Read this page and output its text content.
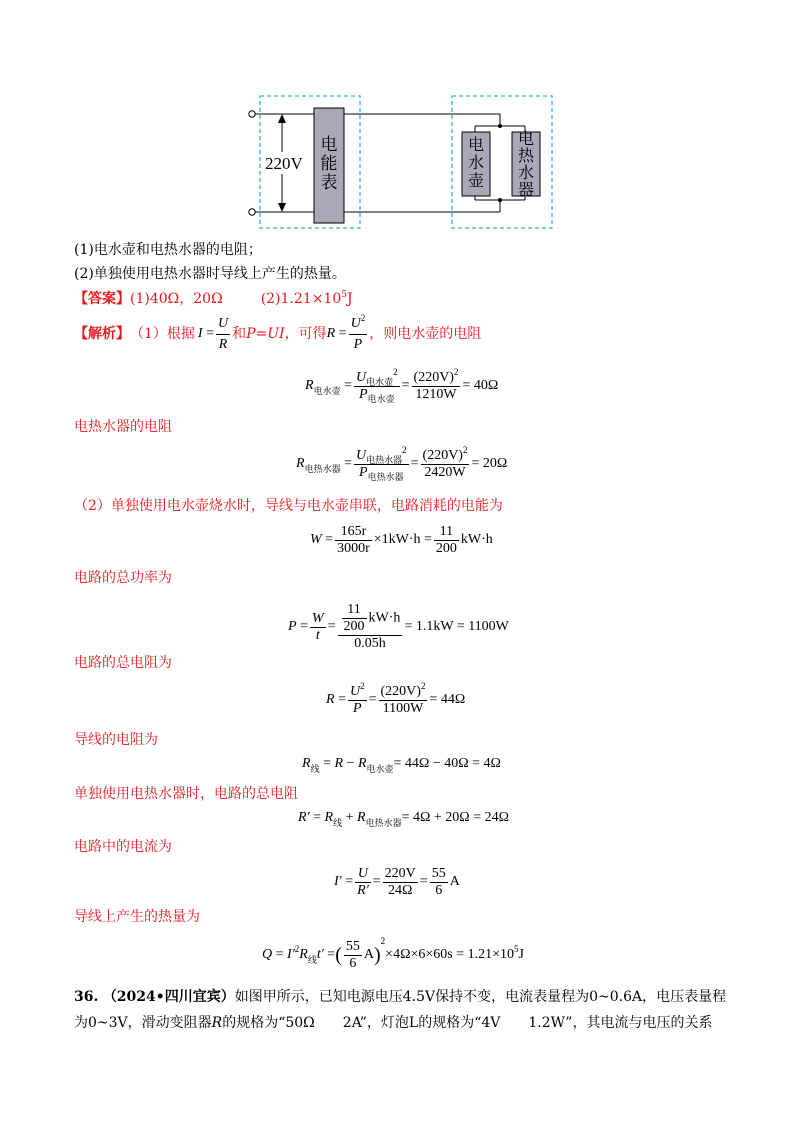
220V
电
能
表
电
水
壶
电
热
水
器
(1)电水壶和电热水器的电阻；
(2)单独使用电热水器时导线上产生的热量。
【答案】(1)40Ω，20Ω	$(2)1.21\times 10^5J$
【解析】 （1）根据 $I = \frac{U}{R}$ 和 P=UI ，可得 $R = \frac{U^2}{P}$ ，则电水壶的电阻
R 电水壶 = $\frac{U_{电水壶}^2}{P_{电水壶}} = \frac{(220V)^2}{1210W} = 40\Omega$
电热水器的电阻
R 电热水器 = $\frac{U_{电热水器}^2}{P_{电热水器}} = \frac{(220V)^2}{2420W} = 20\Omega$
（2）单独使用电水壶烧水时，导线与电水壶串联，电路消耗的电能为
$W = \frac{165r}{3000r} \times 1kW\cdot h = \frac{11}{200} kW\cdot h$
电路的总功率为
$P = \frac{W}{t} = \frac{\frac{11}{200} kW\cdot h}{0.05h} = 1.1kW = 1100W$
电路的总电阻为
$R = \frac{U^2}{P} = \frac{(220V)^2}{1100W} = 44\Omega$
导线的电阻为
R 线 = R − R 电水壶 = 44Ω − 40Ω = 4Ω
单独使用电热水器时，电路的总电阻
R′ = R 线 + R 电热水器 = 4Ω + 20Ω = 24Ω
电路中的电流为
$I' = \frac{U}{R'} = \frac{220V}{24\Omega} = \frac{55}{6}$ A
导线上产生的热量为
Q = I′ 2 R 线 t′ = ( $\frac{55}{6}$ A )
2
×4Ω×6×60s = 1.21×10 5 J
36. （2024•四川宜宾）如图甲所示，已知电源电压4.5V保持不变，电流表量程为0~0.6A，电压表量程
为0~3V，滑动变阻器R的规格为“50Ω　　2A”，灯泡L的规格为“4V　　1.2W”，其电流与电压的关系
